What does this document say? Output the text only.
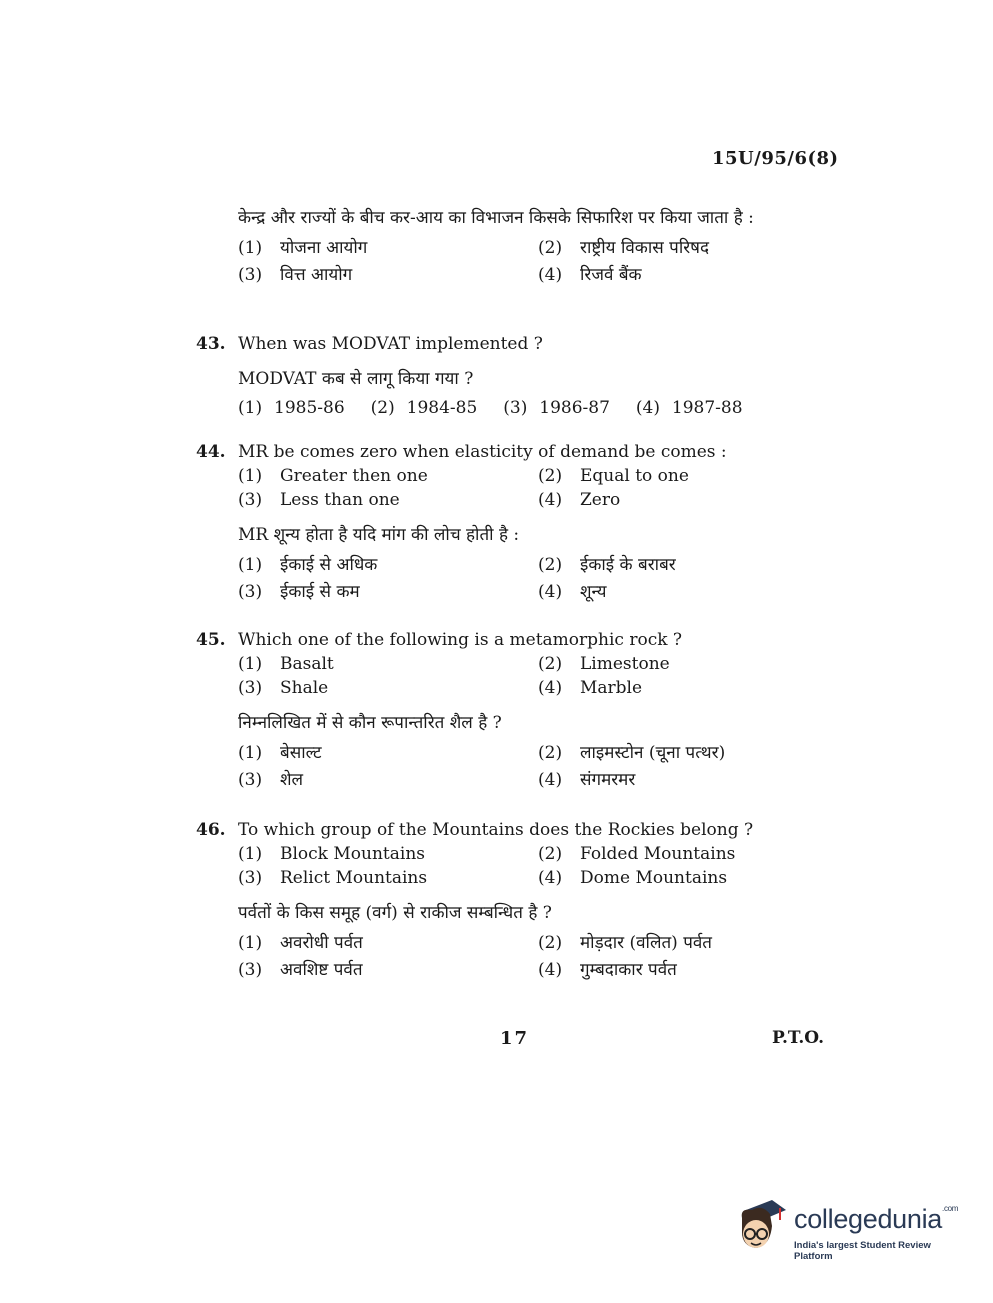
15U/95/6(8)
केन्द्र और राज्यों के बीच कर-आय का विभाजन किसके सिफारिश पर किया जाता है :
(1)	योजना आयोग	(2)	राष्ट्रीय विकास परिषद
(3)	वित्त आयोग	(4)	रिजर्व बैंक
43. When was MODVAT implemented ?
MODVAT कब से लागू किया गया ?
(1) 1985-86 (2) 1984-85 (3) 1986-87 (4) 1987-88
44. MR be comes zero when elasticity of demand be comes :
(1)	Greater then one	(2)	Equal to one
(3)	Less than one	(4)	Zero
MR शून्य होता है यदि मांग की लोच होती है :
(1)	ईकाई से अधिक	(2)	ईकाई के बराबर
(3)	ईकाई से कम	(4)	शून्य
45. Which one of the following is a metamorphic rock ?
(1)	Basalt	(2)	Limestone
(3)	Shale	(4)	Marble
निम्नलिखित में से कौन रूपान्तरित शैल है ?
(1)	बेसाल्ट	(2)	लाइमस्टोन (चूना पत्थर)
(3)	शेल	(4)	संगमरमर
46. To which group of the Mountains does the Rockies belong ?
(1)	Block Mountains	(2)	Folded Mountains
(3)	Relict Mountains	(4)	Dome Mountains
पर्वतों के किस समूह (वर्ग) से राकीज सम्बन्धित है ?
(1)	अवरोधी पर्वत	(2)	मोड़दार (वलित) पर्वत
(3)	अवशिष्ट पर्वत	(4)	गुम्बदाकार पर्वत
17	P.T.O.
collegedunia$^{.com}$
India's largest Student Review Platform
